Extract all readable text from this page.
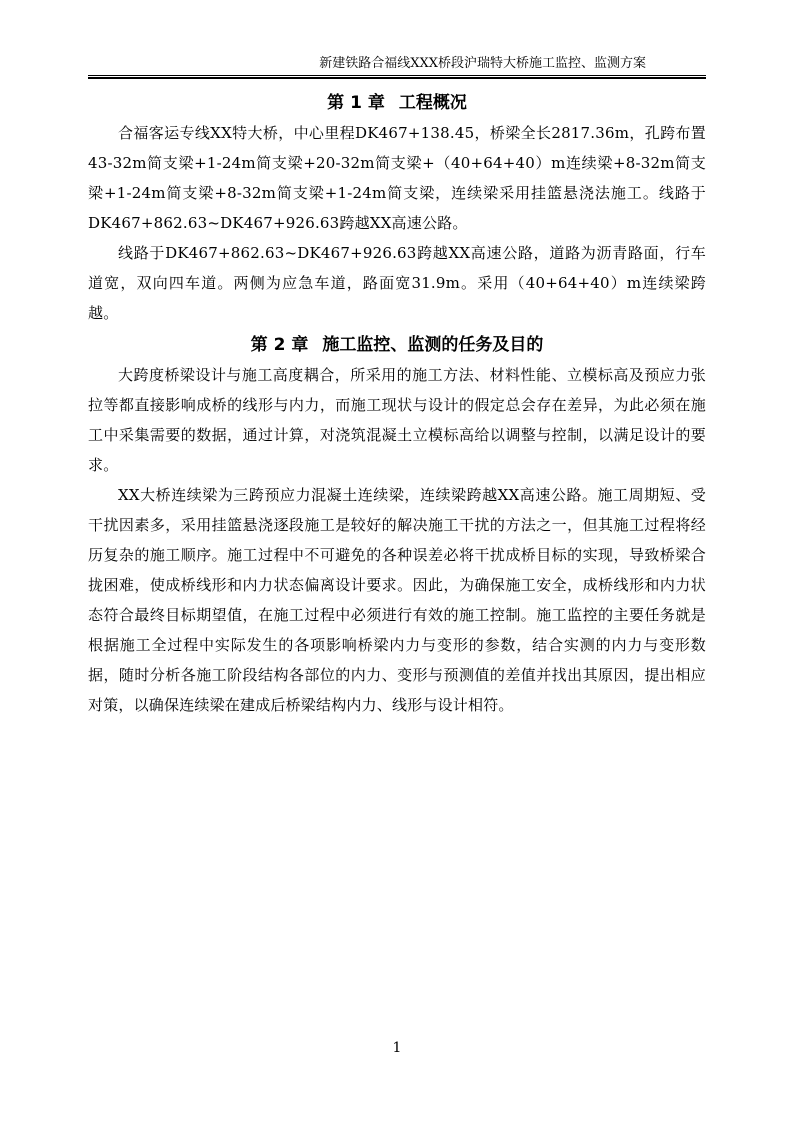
新建铁路合福线XXX桥段沪瑞特大桥施工监控、监测方案
第 1 章 工程概况

合福客运专线XX特大桥，中心里程DK467+138.45，桥梁全长2817.36m，孔跨布置43-32m简支梁+1-24m简支梁+20-32m简支梁+（40+64+40）m连续梁+8-32m简支梁+1-24m简支梁+8-32m简支梁+1-24m简支梁，连续梁采用挂篮悬浇法施工。线路于DK467+862.63~DK467+926.63跨越XX高速公路。

线路于DK467+862.63~DK467+926.63跨越XX高速公路，道路为沥青路面，行车道宽，双向四车道。两侧为应急车道，路面宽31.9m。采用（40+64+40）m连续梁跨越。

第 2 章 施工监控、监测的任务及目的

大跨度桥梁设计与施工高度耦合，所采用的施工方法、材料性能、立模标高及预应力张拉等都直接影响成桥的线形与内力，而施工现状与设计的假定总会存在差异，为此必须在施工中采集需要的数据，通过计算，对浇筑混凝土立模标高给以调整与控制，以满足设计的要求。

XX大桥连续梁为三跨预应力混凝土连续梁，连续梁跨越XX高速公路。施工周期短、受干扰因素多，采用挂篮悬浇逐段施工是较好的解决施工干扰的方法之一，但其施工过程将经历复杂的施工顺序。施工过程中不可避免的各种误差必将干扰成桥目标的实现，导致桥梁合拢困难，使成桥线形和内力状态偏离设计要求。因此，为确保施工安全，成桥线形和内力状态符合最终目标期望值，在施工过程中必须进行有效的施工控制。施工监控的主要任务就是根据施工全过程中实际发生的各项影响桥梁内力与变形的参数，结合实测的内力与变形数据，随时分析各施工阶段结构各部位的内力、变形与预测值的差值并找出其原因，提出相应对策，以确保连续梁在建成后桥梁结构内力、线形与设计相符。

1
